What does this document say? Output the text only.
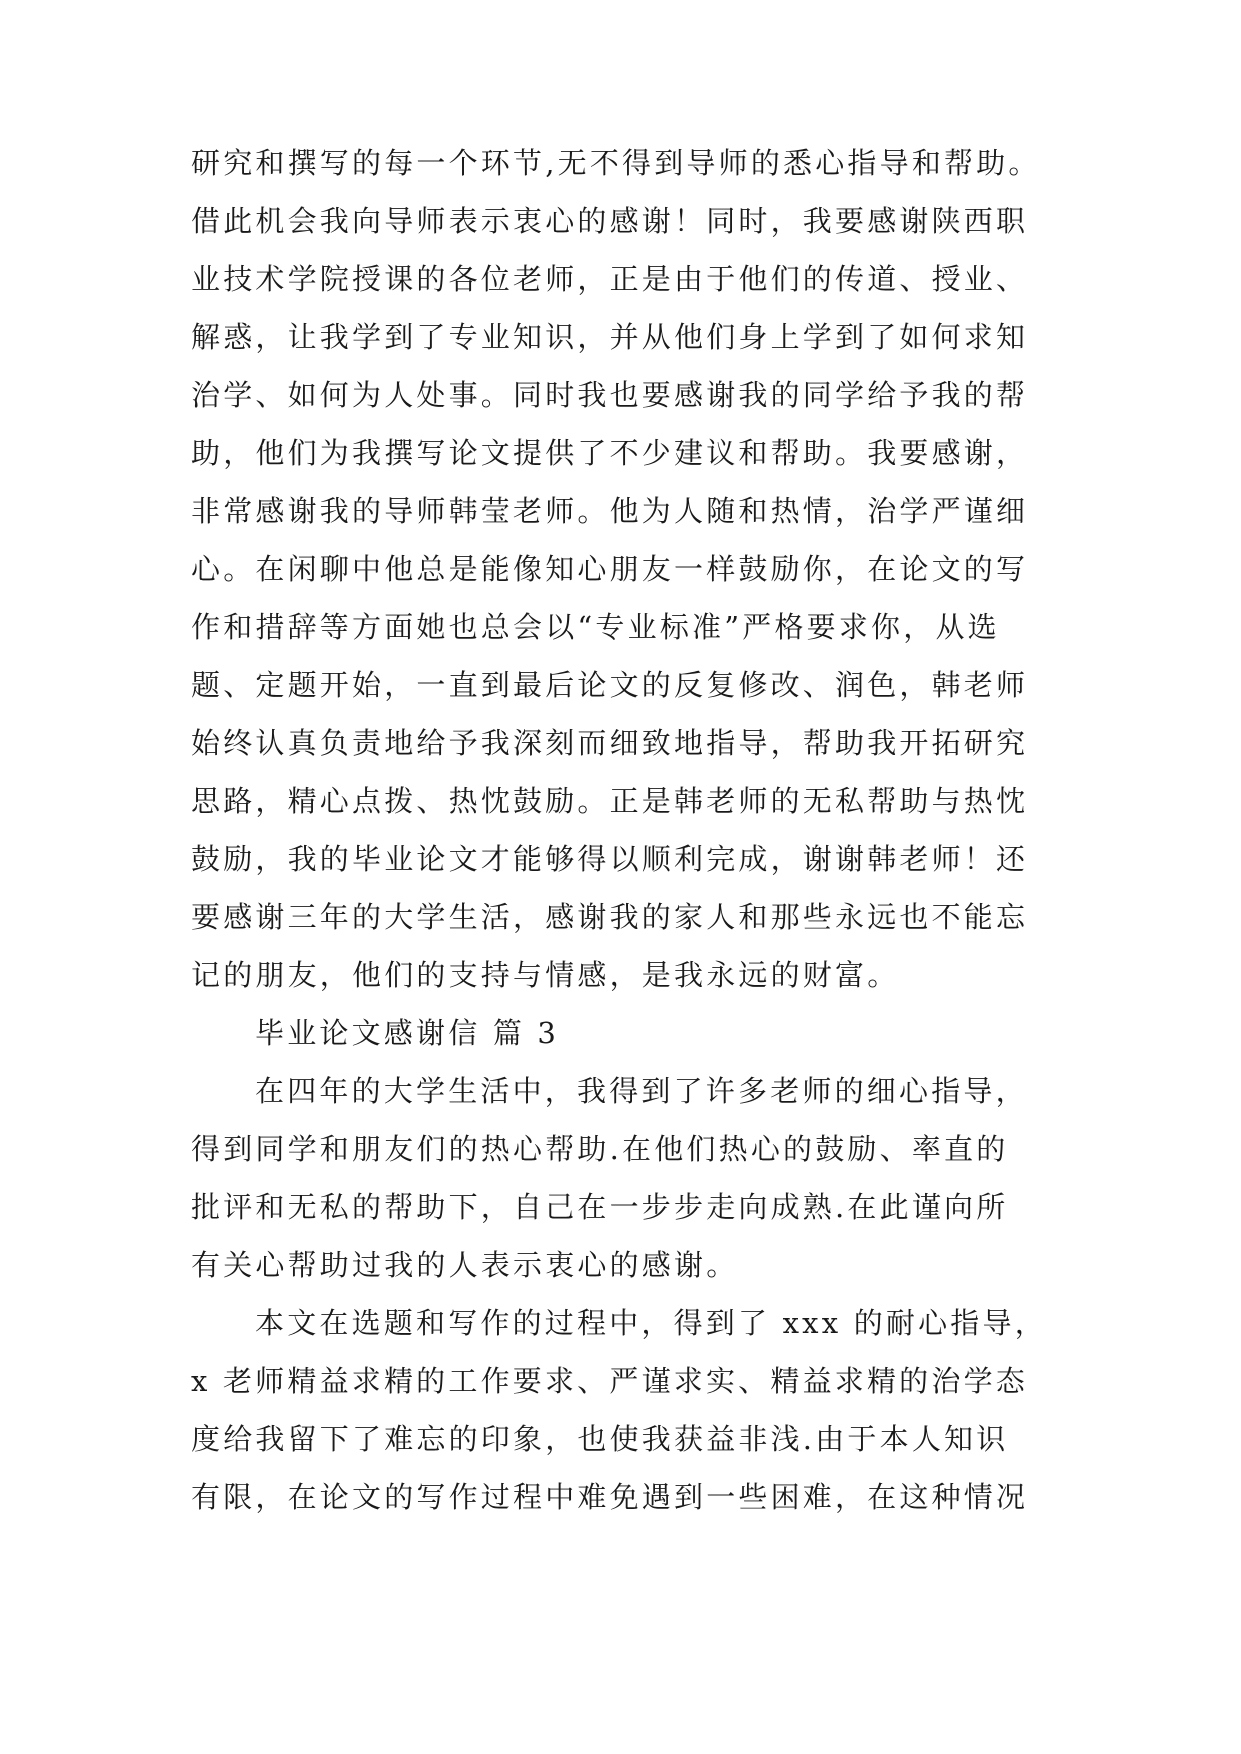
研究和撰写的每一个环节,无不得到导师的悉心指导和帮助。
借此机会我向导师表示衷心的感谢！同时，我要感谢陕西职
业技术学院授课的各位老师，正是由于他们的传道、授业、
解惑，让我学到了专业知识，并从他们身上学到了如何求知
治学、如何为人处事。同时我也要感谢我的同学给予我的帮
助，他们为我撰写论文提供了不少建议和帮助。我要感谢，
非常感谢我的导师韩莹老师。他为人随和热情，治学严谨细
心。在闲聊中他总是能像知心朋友一样鼓励你，在论文的写
作和措辞等方面她也总会以“专业标准”严格要求你，从选
题、定题开始，一直到最后论文的反复修改、润色，韩老师
始终认真负责地给予我深刻而细致地指导，帮助我开拓研究
思路，精心点拨、热忱鼓励。正是韩老师的无私帮助与热忱
鼓励，我的毕业论文才能够得以顺利完成，谢谢韩老师！还
要感谢三年的大学生活，感谢我的家人和那些永远也不能忘
记的朋友，他们的支持与情感，是我永远的财富。
毕业论文感谢信 篇 3
在四年的大学生活中，我得到了许多老师的细心指导，
得到同学和朋友们的热心帮助.在他们热心的鼓励、率直的
批评和无私的帮助下，自己在一步步走向成熟.在此谨向所
有关心帮助过我的人表示衷心的感谢。
本文在选题和写作的过程中，得到了 xxx 的耐心指导，
x 老师精益求精的工作要求、严谨求实、精益求精的治学态
度给我留下了难忘的印象，也使我获益非浅.由于本人知识
有限，在论文的写作过程中难免遇到一些困难，在这种情况
